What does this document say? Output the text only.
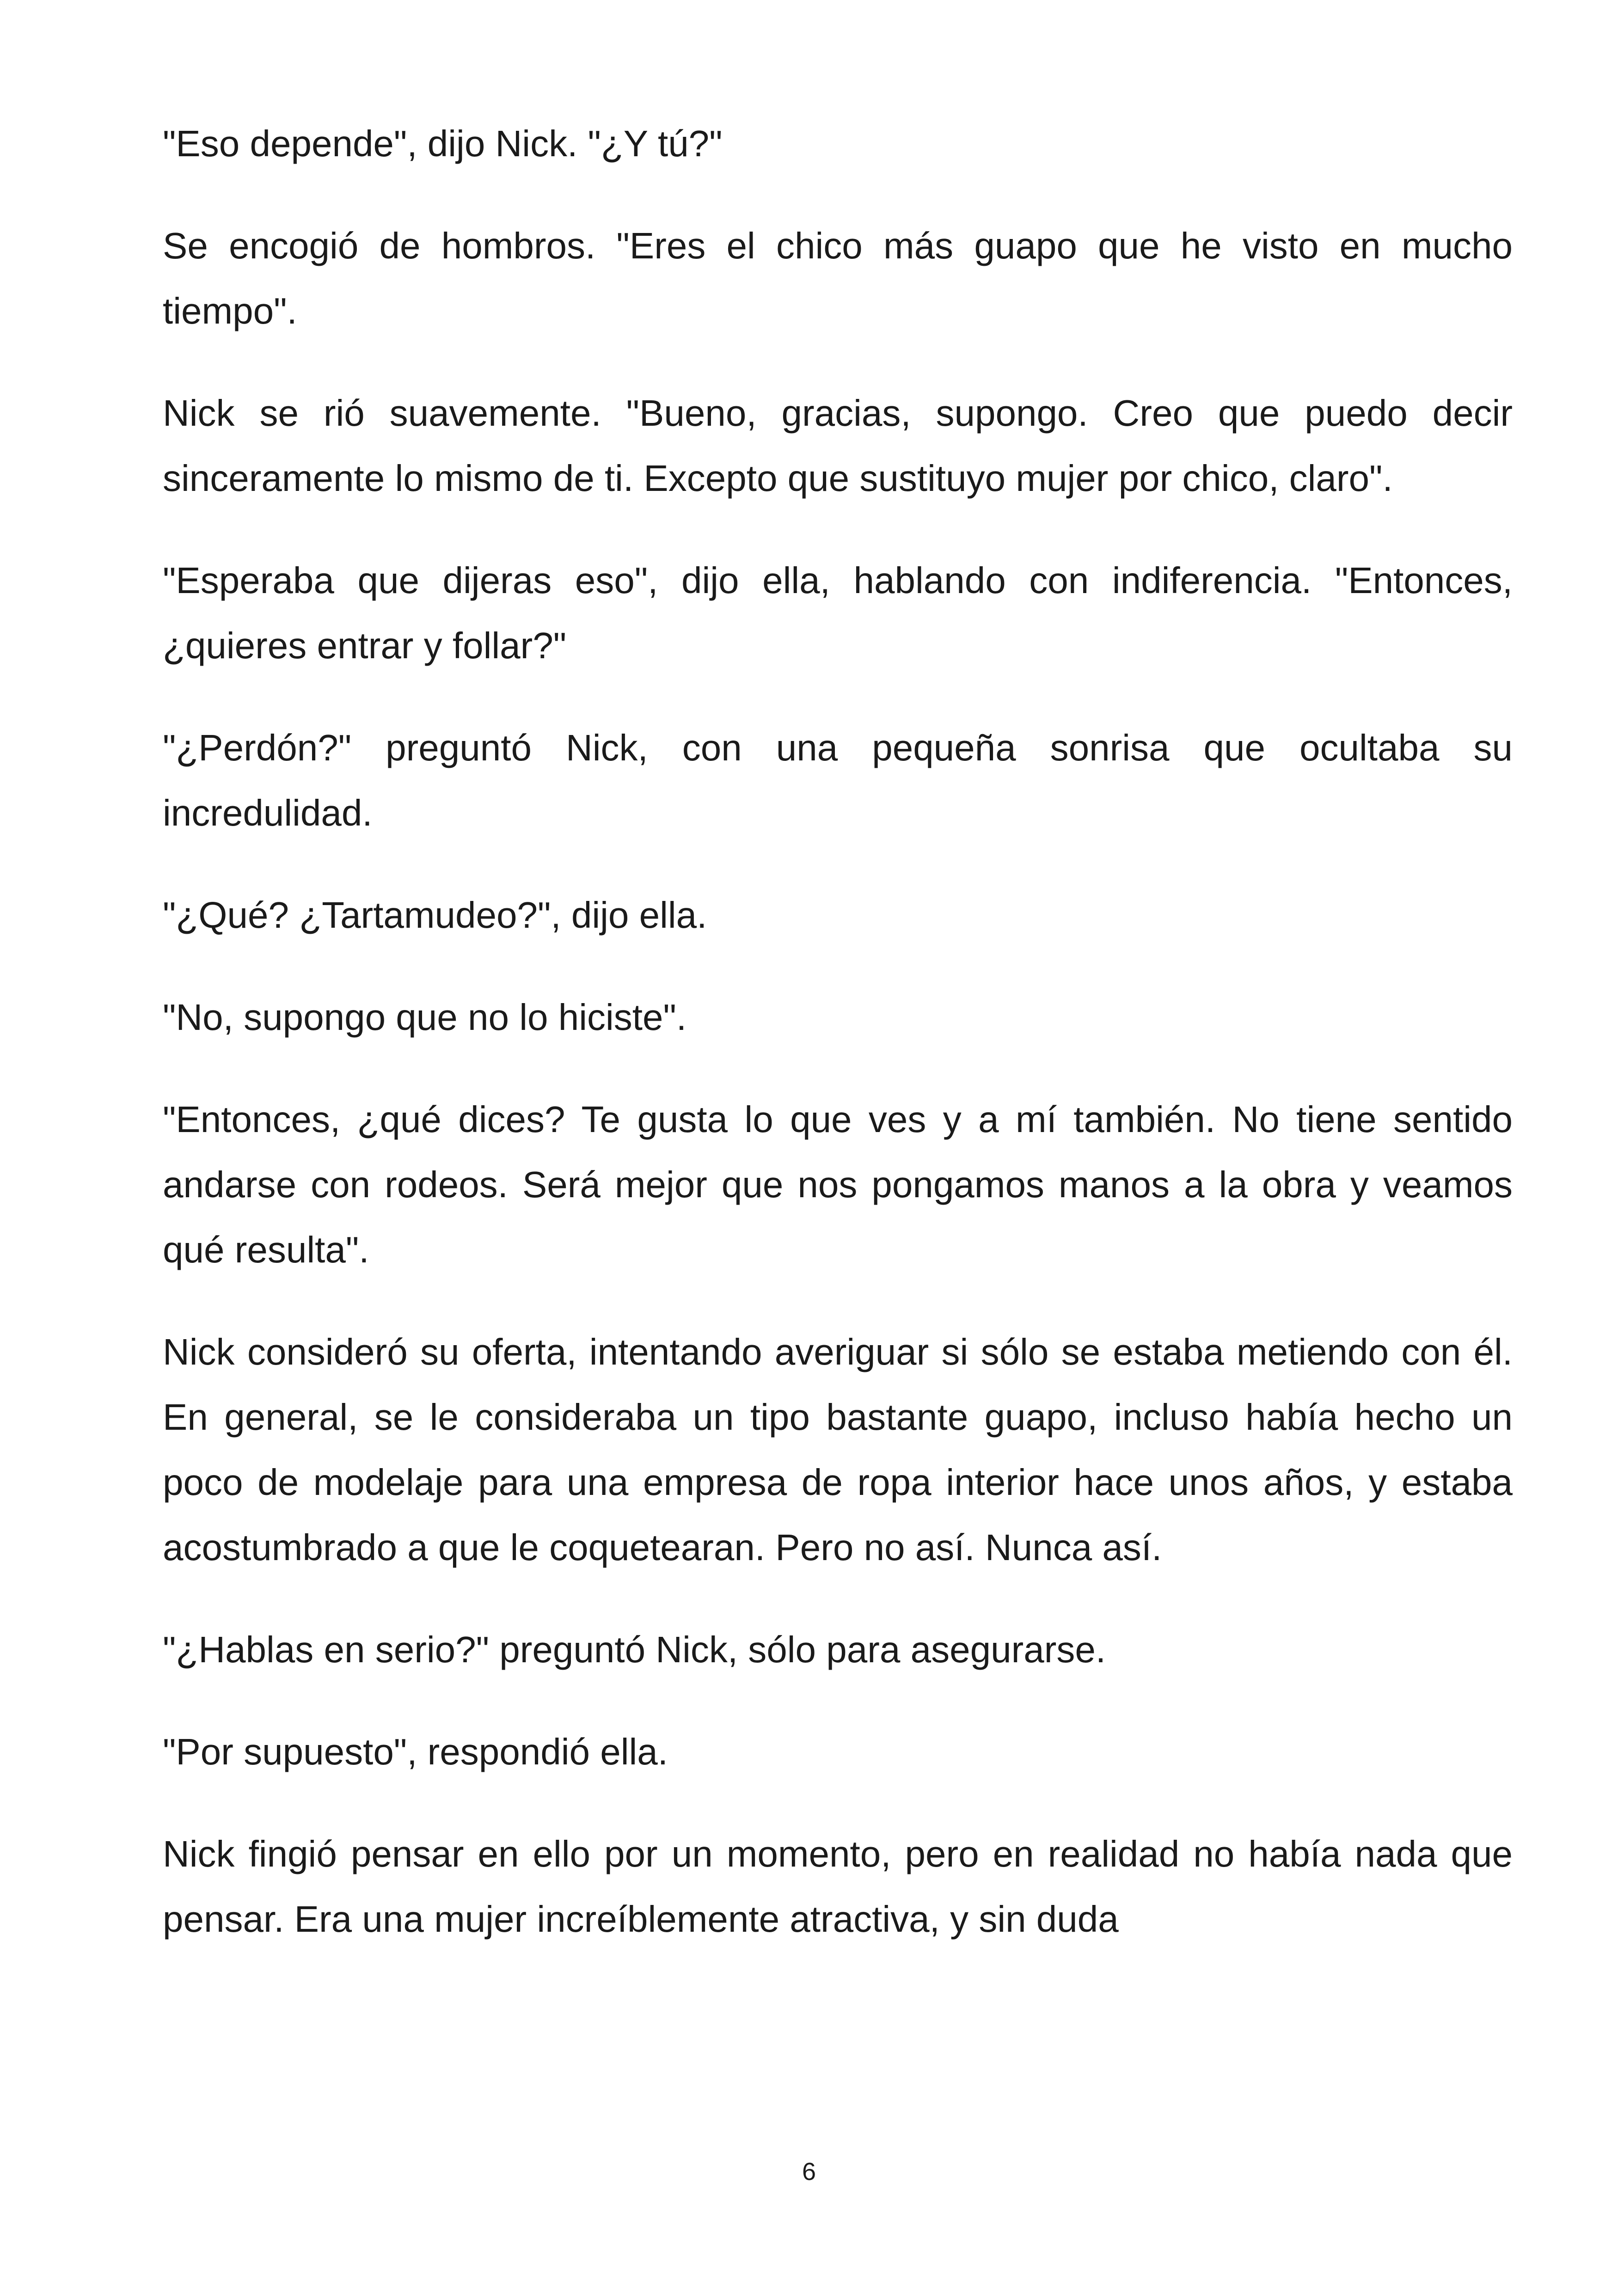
"Eso depende", dijo Nick. "¿Y tú?"

Se encogió de hombros. "Eres el chico más guapo que he visto en mucho tiempo".

Nick se rió suavemente. "Bueno, gracias, supongo. Creo que puedo decir sinceramente lo mismo de ti. Excepto que sustituyo mujer por chico, claro".

"Esperaba que dijeras eso", dijo ella, hablando con indiferencia. "Entonces, ¿quieres entrar y follar?"

"¿Perdón?" preguntó Nick, con una pequeña sonrisa que ocultaba su incredulidad.

"¿Qué? ¿Tartamudeo?", dijo ella.

"No, supongo que no lo hiciste".

"Entonces, ¿qué dices? Te gusta lo que ves y a mí también. No tiene sentido andarse con rodeos. Será mejor que nos pongamos manos a la obra y veamos qué resulta".

Nick consideró su oferta, intentando averiguar si sólo se estaba metiendo con él. En general, se le consideraba un tipo bastante guapo, incluso había hecho un poco de modelaje para una empresa de ropa interior hace unos años, y estaba acostumbrado a que le coquetearan. Pero no así. Nunca así.

"¿Hablas en serio?" preguntó Nick, sólo para asegurarse.

"Por supuesto", respondió ella.

Nick fingió pensar en ello por un momento, pero en realidad no había nada que pensar. Era una mujer increíblemente atractiva, y sin duda

6
